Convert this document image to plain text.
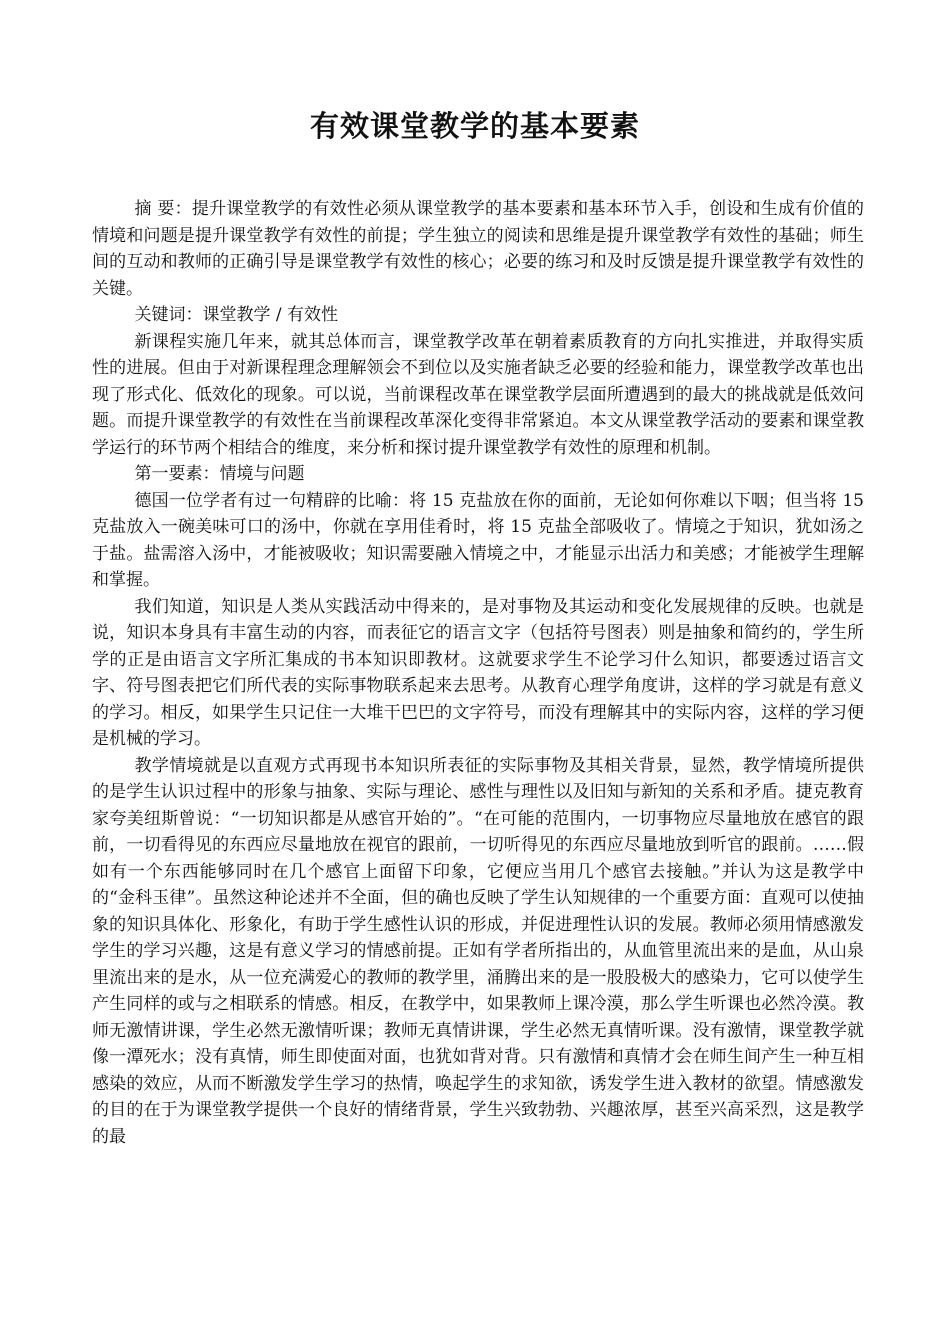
有效课堂教学的基本要素

摘 要：提升课堂教学的有效性必须从课堂教学的基本要素和基本环节入手，创设和生成有价值的情境和问题是提升课堂教学有效性的前提；学生独立的阅读和思维是提升课堂教学有效性的基础；师生间的互动和教师的正确引导是课堂教学有效性的核心；必要的练习和及时反馈是提升课堂教学有效性的关键。

关键词：课堂教学 / 有效性

新课程实施几年来，就其总体而言，课堂教学改革在朝着素质教育的方向扎实推进，并取得实质性的进展。但由于对新课程理念理解领会不到位以及实施者缺乏必要的经验和能力，课堂教学改革也出现了形式化、低效化的现象。可以说，当前课程改革在课堂教学层面所遭遇到的最大的挑战就是低效问题。而提升课堂教学的有效性在当前课程改革深化变得非常紧迫。本文从课堂教学活动的要素和课堂教学运行的环节两个相结合的维度，来分析和探讨提升课堂教学有效性的原理和机制。

第一要素：情境与问题

德国一位学者有过一句精辟的比喻：将 15 克盐放在你的面前，无论如何你难以下咽；但当将 15 克盐放入一碗美味可口的汤中，你就在享用佳肴时，将 15 克盐全部吸收了。情境之于知识，犹如汤之于盐。盐需溶入汤中，才能被吸收；知识需要融入情境之中，才能显示出活力和美感；才能被学生理解和掌握。

我们知道，知识是人类从实践活动中得来的，是对事物及其运动和变化发展规律的反映。也就是说，知识本身具有丰富生动的内容，而表征它的语言文字（包括符号图表）则是抽象和简约的，学生所学的正是由语言文字所汇集成的书本知识即教材。这就要求学生不论学习什么知识，都要透过语言文字、符号图表把它们所代表的实际事物联系起来去思考。从教育心理学角度讲，这样的学习就是有意义的学习。相反，如果学生只记住一大堆干巴巴的文字符号，而没有理解其中的实际内容，这样的学习便是机械的学习。

教学情境就是以直观方式再现书本知识所表征的实际事物及其相关背景，显然，教学情境所提供的是学生认识过程中的形象与抽象、实际与理论、感性与理性以及旧知与新知的关系和矛盾。捷克教育家夸美纽斯曾说：“一切知识都是从感官开始的”。“在可能的范围内，一切事物应尽量地放在感官的跟前，一切看得见的东西应尽量地放在视官的跟前，一切听得见的东西应尽量地放到听官的跟前。……假如有一个东西能够同时在几个感官上面留下印象，它便应当用几个感官去接触。”并认为这是教学中的“金科玉律”。虽然这种论述并不全面，但的确也反映了学生认知规律的一个重要方面：直观可以使抽象的知识具体化、形象化，有助于学生感性认识的形成，并促进理性认识的发展。教师必须用情感激发学生的学习兴趣，这是有意义学习的情感前提。正如有学者所指出的，从血管里流出来的是血，从山泉里流出来的是水，从一位充满爱心的教师的教学里，涌腾出来的是一股股极大的感染力，它可以使学生产生同样的或与之相联系的情感。相反，在教学中，如果教师上课冷漠，那么学生听课也必然冷漠。教师无激情讲课，学生必然无激情听课；教师无真情讲课，学生必然无真情听课。没有激情，课堂教学就像一潭死水；没有真情，师生即使面对面，也犹如背对背。只有激情和真情才会在师生间产生一种互相感染的效应，从而不断激发学生学习的热情，唤起学生的求知欲，诱发学生进入教材的欲望。情感激发的目的在于为课堂教学提供一个良好的情绪背景，学生兴致勃勃、兴趣浓厚，甚至兴高采烈，这是教学的最
